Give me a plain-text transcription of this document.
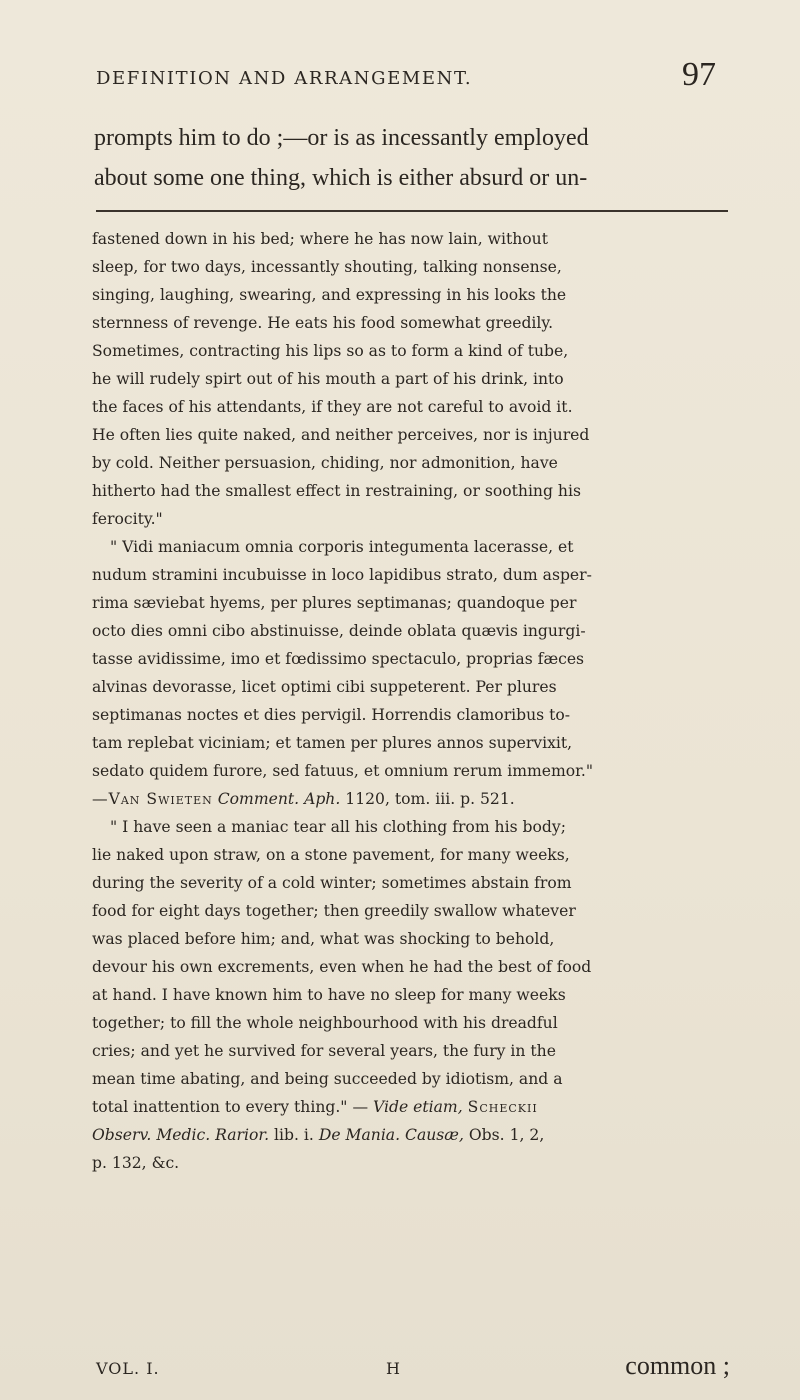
DEFINITION AND ARRANGEMENT.	97
prompts him to do ;—or is as incessantly employed
about some one thing, which is either absurd or un-
fastened down in his bed; where he has now lain, without
sleep, for two days, incessantly shouting, talking nonsense,
singing, laughing, swearing, and expressing in his looks the
sternness of revenge. He eats his food somewhat greedily.
Sometimes, contracting his lips so as to form a kind of tube,
he will rudely spirt out of his mouth a part of his drink, into
the faces of his attendants, if they are not careful to avoid it.
He often lies quite naked, and neither perceives, nor is injured
by cold. Neither persuasion, chiding, nor admonition, have
hitherto had the smallest effect in restraining, or soothing his
ferocity."
" Vidi maniacum omnia corporis integumenta lacerasse, et
nudum stramini incubuisse in loco lapidibus strato, dum asper-
rima sæviebat hyems, per plures septimanas; quandoque per
octo dies omni cibo abstinuisse, deinde oblata quævis ingurgi-
tasse avidissime, imo et fœdissimo spectaculo, proprias fæces
alvinas devorasse, licet optimi cibi suppeterent. Per plures
septimanas noctes et dies pervigil. Horrendis clamoribus to-
tam replebat viciniam; et tamen per plures annos supervixit,
sedato quidem furore, sed fatuus, et omnium rerum immemor."
—Van Swieten Comment. Aph. 1120, tom. iii. p. 521.
" I have seen a maniac tear all his clothing from his body;
lie naked upon straw, on a stone pavement, for many weeks,
during the severity of a cold winter; sometimes abstain from
food for eight days together; then greedily swallow whatever
was placed before him; and, what was shocking to behold,
devour his own excrements, even when he had the best of food
at hand. I have known him to have no sleep for many weeks
together; to fill the whole neighbourhood with his dreadful
cries; and yet he survived for several years, the fury in the
mean time abating, and being succeeded by idiotism, and a
total inattention to every thing." — Vide etiam, Scheckii
Observ. Medic. Rarior. lib. i. De Mania. Causæ, Obs. 1, 2,
p. 132, &c.
VOL. I.	H	common ;
